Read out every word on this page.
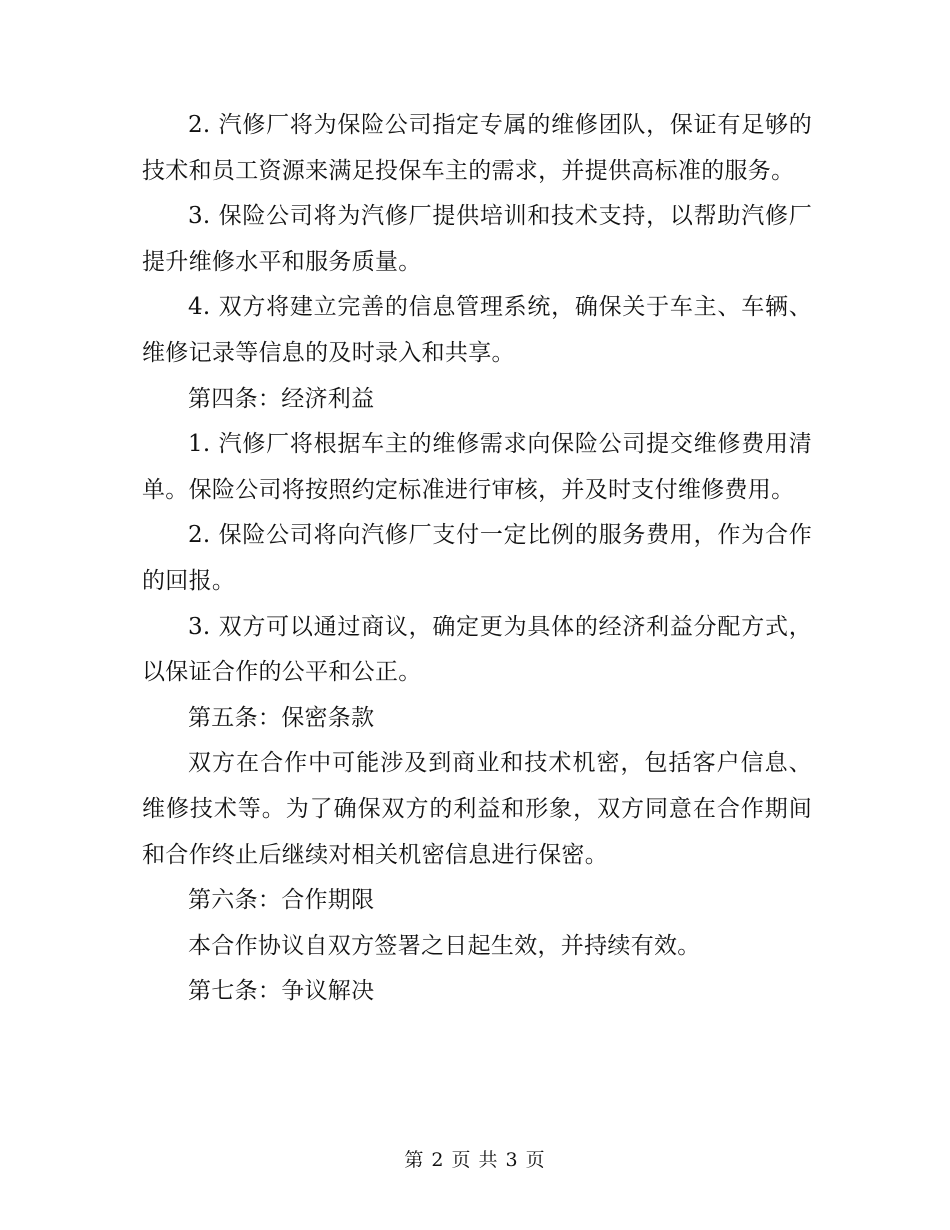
2. 汽修厂将为保险公司指定专属的维修团队，保证有足够的技术和员工资源来满足投保车主的需求，并提供高标准的服务。

3. 保险公司将为汽修厂提供培训和技术支持，以帮助汽修厂提升维修水平和服务质量。

4. 双方将建立完善的信息管理系统，确保关于车主、车辆、维修记录等信息的及时录入和共享。

第四条：经济利益

1. 汽修厂将根据车主的维修需求向保险公司提交维修费用清单。保险公司将按照约定标准进行审核，并及时支付维修费用。

2. 保险公司将向汽修厂支付一定比例的服务费用，作为合作的回报。

3. 双方可以通过商议，确定更为具体的经济利益分配方式，以保证合作的公平和公正。

第五条：保密条款

双方在合作中可能涉及到商业和技术机密，包括客户信息、维修技术等。为了确保双方的利益和形象，双方同意在合作期间和合作终止后继续对相关机密信息进行保密。

第六条：合作期限

本合作协议自双方签署之日起生效，并持续有效。

第七条：争议解决

第 2 页 共 3 页
